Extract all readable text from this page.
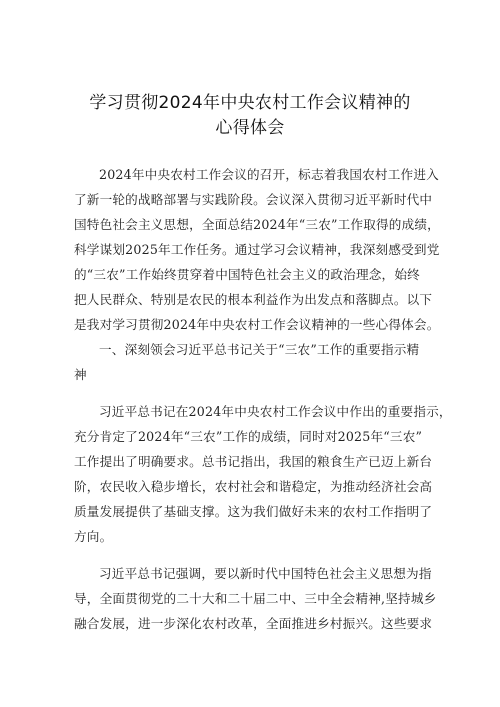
学习贯彻2024年中央农村工作会议精神的
心得体会
2024年中央农村工作会议的召开，标志着我国农村工作进入
了新一轮的战略部署与实践阶段。会议深入贯彻习近平新时代中
国特色社会主义思想，全面总结2024年“三农”工作取得的成绩，
科学谋划2025年工作任务。通过学习会议精神，我深刻感受到党
的“三农”工作始终贯穿着中国特色社会主义的政治理念，始终
把人民群众、特别是农民的根本利益作为出发点和落脚点。以下
是我对学习贯彻2024年中央农村工作会议精神的一些心得体会。
一、深刻领会习近平总书记关于“三农”工作的重要指示精
神
习近平总书记在2024年中央农村工作会议中作出的重要指示，
充分肯定了2024年“三农”工作的成绩，同时对2025年“三农”
工作提出了明确要求。总书记指出，我国的粮食生产已迈上新台
阶，农民收入稳步增长，农村社会和谐稳定，为推动经济社会高
质量发展提供了基础支撑。这为我们做好未来的农村工作指明了
方向。
习近平总书记强调，要以新时代中国特色社会主义思想为指
导，全面贯彻党的二十大和二十届二中、三中全会精神,坚持城乡
融合发展，进一步深化农村改革，全面推进乡村振兴。这些要求
